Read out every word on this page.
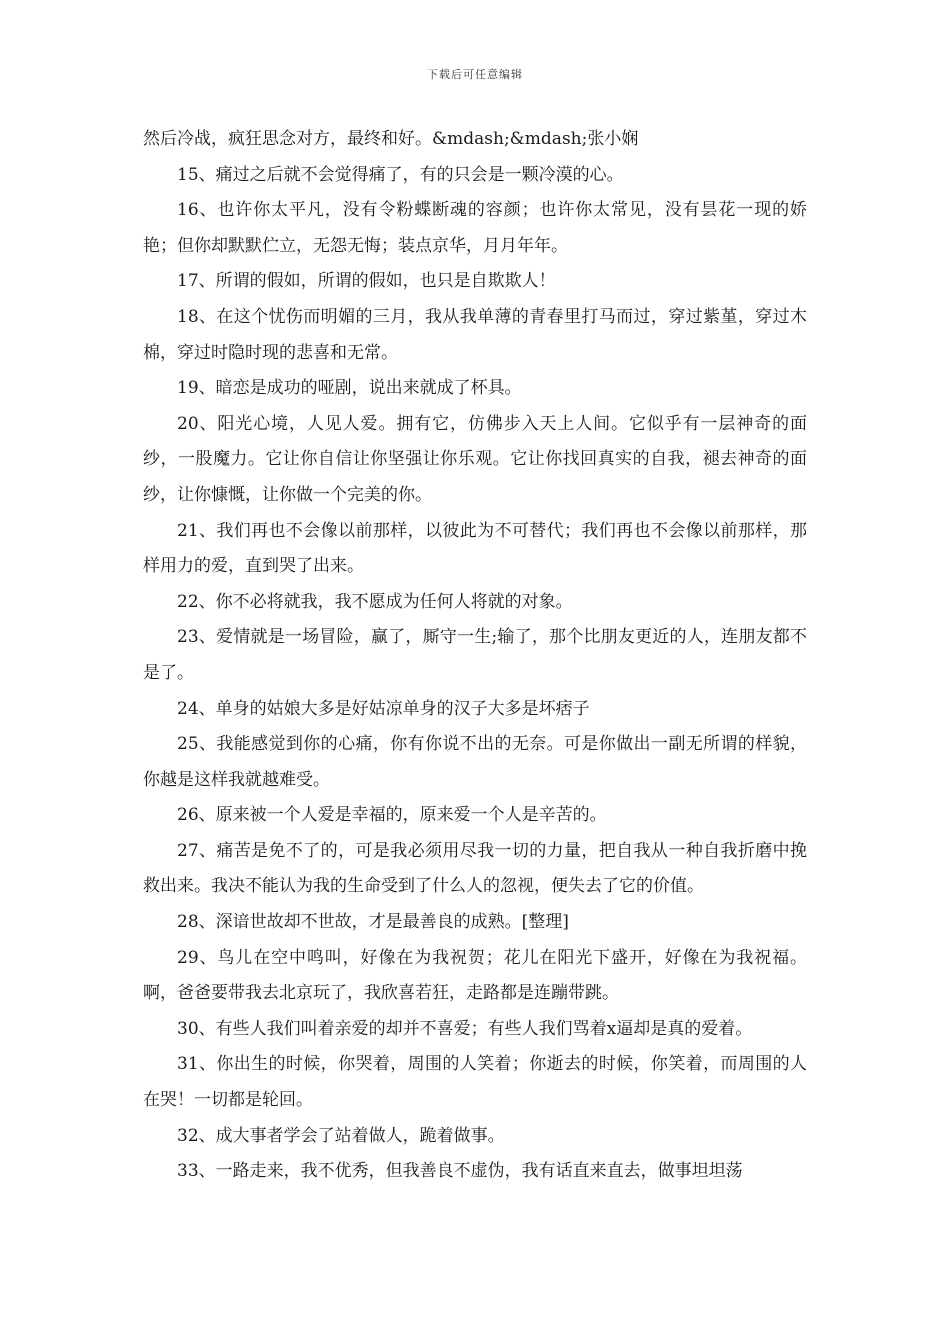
下载后可任意编辑

然后冷战，疯狂思念对方，最终和好。&mdash;&mdash;张小娴

15、痛过之后就不会觉得痛了，有的只会是一颗冷漠的心。

16、也许你太平凡，没有令粉蝶断魂的容颜；也许你太常见，没有昙花一现的娇艳；但你却默默伫立，无怨无悔；装点京华，月月年年。

17、所谓的假如，所谓的假如，也只是自欺欺人！

18、在这个忧伤而明媚的三月，我从我单薄的青春里打马而过，穿过紫堇，穿过木棉，穿过时隐时现的悲喜和无常。

19、暗恋是成功的哑剧，说出来就成了杯具。

20、阳光心境，人见人爱。拥有它，仿佛步入天上人间。它似乎有一层神奇的面纱，一股魔力。它让你自信让你坚强让你乐观。它让你找回真实的自我，褪去神奇的面纱，让你慷慨，让你做一个完美的你。

21、我们再也不会像以前那样，以彼此为不可替代；我们再也不会像以前那样，那样用力的爱，直到哭了出来。

22、你不必将就我，我不愿成为任何人将就的对象。

23、爱情就是一场冒险，赢了，厮守一生;输了，那个比朋友更近的人，连朋友都不是了。

24、单身的姑娘大多是好姑凉单身的汉子大多是坏痞子

25、我能感觉到你的心痛，你有你说不出的无奈。可是你做出一副无所谓的样貌，你越是这样我就越难受。

26、原来被一个人爱是幸福的，原来爱一个人是辛苦的。

27、痛苦是免不了的，可是我必须用尽我一切的力量，把自我从一种自我折磨中挽救出来。我决不能认为我的生命受到了什么人的忽视，便失去了它的价值。

28、深谙世故却不世故，才是最善良的成熟。[整理]

29、鸟儿在空中鸣叫，好像在为我祝贺；花儿在阳光下盛开，好像在为我祝福。啊，爸爸要带我去北京玩了，我欣喜若狂，走路都是连蹦带跳。

30、有些人我们叫着亲爱的却并不喜爱；有些人我们骂着x逼却是真的爱着。

31、你出生的时候，你哭着，周围的人笑着；你逝去的时候，你笑着，而周围的人在哭！一切都是轮回。

32、成大事者学会了站着做人，跪着做事。

33、一路走来，我不优秀，但我善良不虚伪，我有话直来直去，做事坦坦荡
